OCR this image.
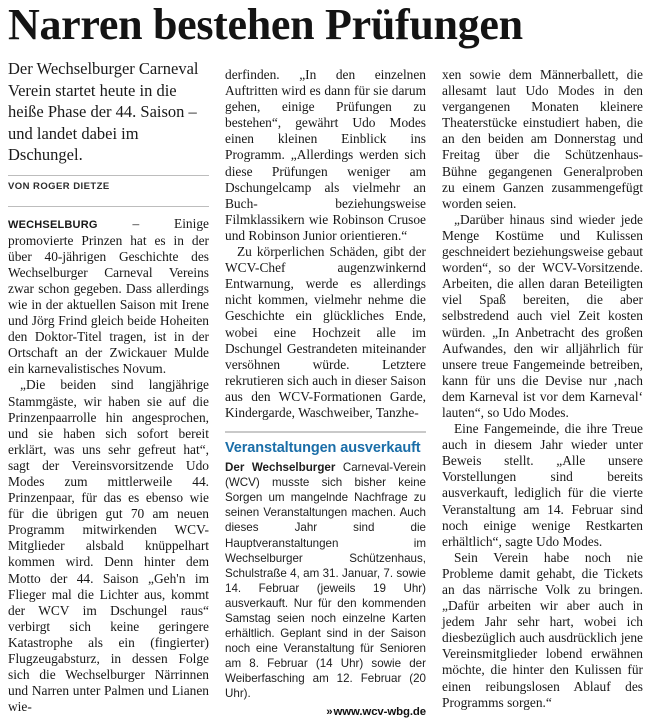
Narren bestehen Prüfungen

Der Wechselburger Carneval Verein startet heute in die heiße Phase der 44. Saison – und landet dabei im Dschungel.

VON ROGER DIETZE

WECHSELBURG – Einige promovierte Prinzen hat es in der über 40-jährigen Geschichte des Wechselburger Carneval Vereins zwar schon gegeben. Dass allerdings wie in der aktuellen Saison mit Irene und Jörg Frind gleich beide Hoheiten den Doktor-Titel tragen, ist in der Ortschaft an der Zwickauer Mulde ein karnevalistisches Novum.

„Die beiden sind langjährige Stammgäste, wir haben sie auf die Prinzenpaarrolle hin angesprochen, und sie haben sich sofort bereit erklärt, was uns sehr gefreut hat“, sagt der Vereinsvorsitzende Udo Modes zum mittlerweile 44. Prinzenpaar, für das es ebenso wie für die übrigen gut 70 am neuen Programm mitwirkenden WCV-Mitglieder alsbald knüppelhart kommen wird. Denn hinter dem Motto der 44. Saison „Geh'n im Flieger mal die Lichter aus, kommt der WCV im Dschungel raus“ verbirgt sich keine geringere Katastrophe als ein (fingierter) Flugzeugabsturz, in dessen Folge sich die Wechselburger Närrinnen und Narren unter Palmen und Lianen wie-

derfinden. „In den einzelnen Auftritten wird es dann für sie darum gehen, einige Prüfungen zu bestehen“, gewährt Udo Modes einen kleinen Einblick ins Programm. „Allerdings werden sich diese Prüfungen weniger am Dschungelcamp als vielmehr an Buch- beziehungsweise Filmklassikern wie Robinson Crusoe und Robinson Junior orientieren.“

Zu körperlichen Schäden, gibt der WCV-Chef augenzwinkernd Entwarnung, werde es allerdings nicht kommen, vielmehr nehme die Geschichte ein glückliches Ende, wobei eine Hochzeit alle im Dschungel Gestrandeten miteinander versöhnen würde. Letztere rekrutieren sich auch in dieser Saison aus den WCV-Formationen Garde, Kindergarde, Waschweiber, Tanzhe-

Veranstaltungen ausverkauft

Der Wechselburger Carneval-Verein (WCV) musste sich bisher keine Sorgen um mangelnde Nachfrage zu seinen Veranstaltungen machen. Auch dieses Jahr sind die Hauptveranstaltungen im Wechselburger Schützenhaus, Schulstraße 4, am 31. Januar, 7. sowie 14. Februar (jeweils 19 Uhr) ausverkauft. Nur für den kommenden Samstag seien noch einzelne Karten erhältlich. Geplant sind in der Saison noch eine Veranstaltung für Senioren am 8. Februar (14 Uhr) sowie der Weiberfasching am 12. Februar (20 Uhr).

»www.wcv-wbg.de

xen sowie dem Männerballett, die allesamt laut Udo Modes in den vergangenen Monaten kleinere Theaterstücke einstudiert haben, die an den beiden am Donnerstag und Freitag über die Schützenhaus-Bühne gegangenen Generalproben zu einem Ganzen zusammengefügt worden seien.

„Darüber hinaus sind wieder jede Menge Kostüme und Kulissen geschneidert beziehungsweise gebaut worden“, so der WCV-Vorsitzende. Arbeiten, die allen daran Beteiligten viel Spaß bereiten, die aber selbstredend auch viel Zeit kosten würden. „In Anbetracht des großen Aufwandes, den wir alljährlich für unsere treue Fangemeinde betreiben, kann für uns die Devise nur ‚nach dem Karneval ist vor dem Karneval‘ lauten“, so Udo Modes.

Eine Fangemeinde, die ihre Treue auch in diesem Jahr wieder unter Beweis stellt. „Alle unsere Vorstellungen sind bereits ausverkauft, lediglich für die vierte Veranstaltung am 14. Februar sind noch einige wenige Restkarten erhältlich“, sagte Udo Modes.

Sein Verein habe noch nie Probleme damit gehabt, die Tickets an das närrische Volk zu bringen. „Dafür arbeiten wir aber auch in jedem Jahr sehr hart, wobei ich diesbezüglich auch ausdrücklich jene Vereinsmitglieder lobend erwähnen möchte, die hinter den Kulissen für einen reibungslosen Ablauf des Programms sorgen.“
